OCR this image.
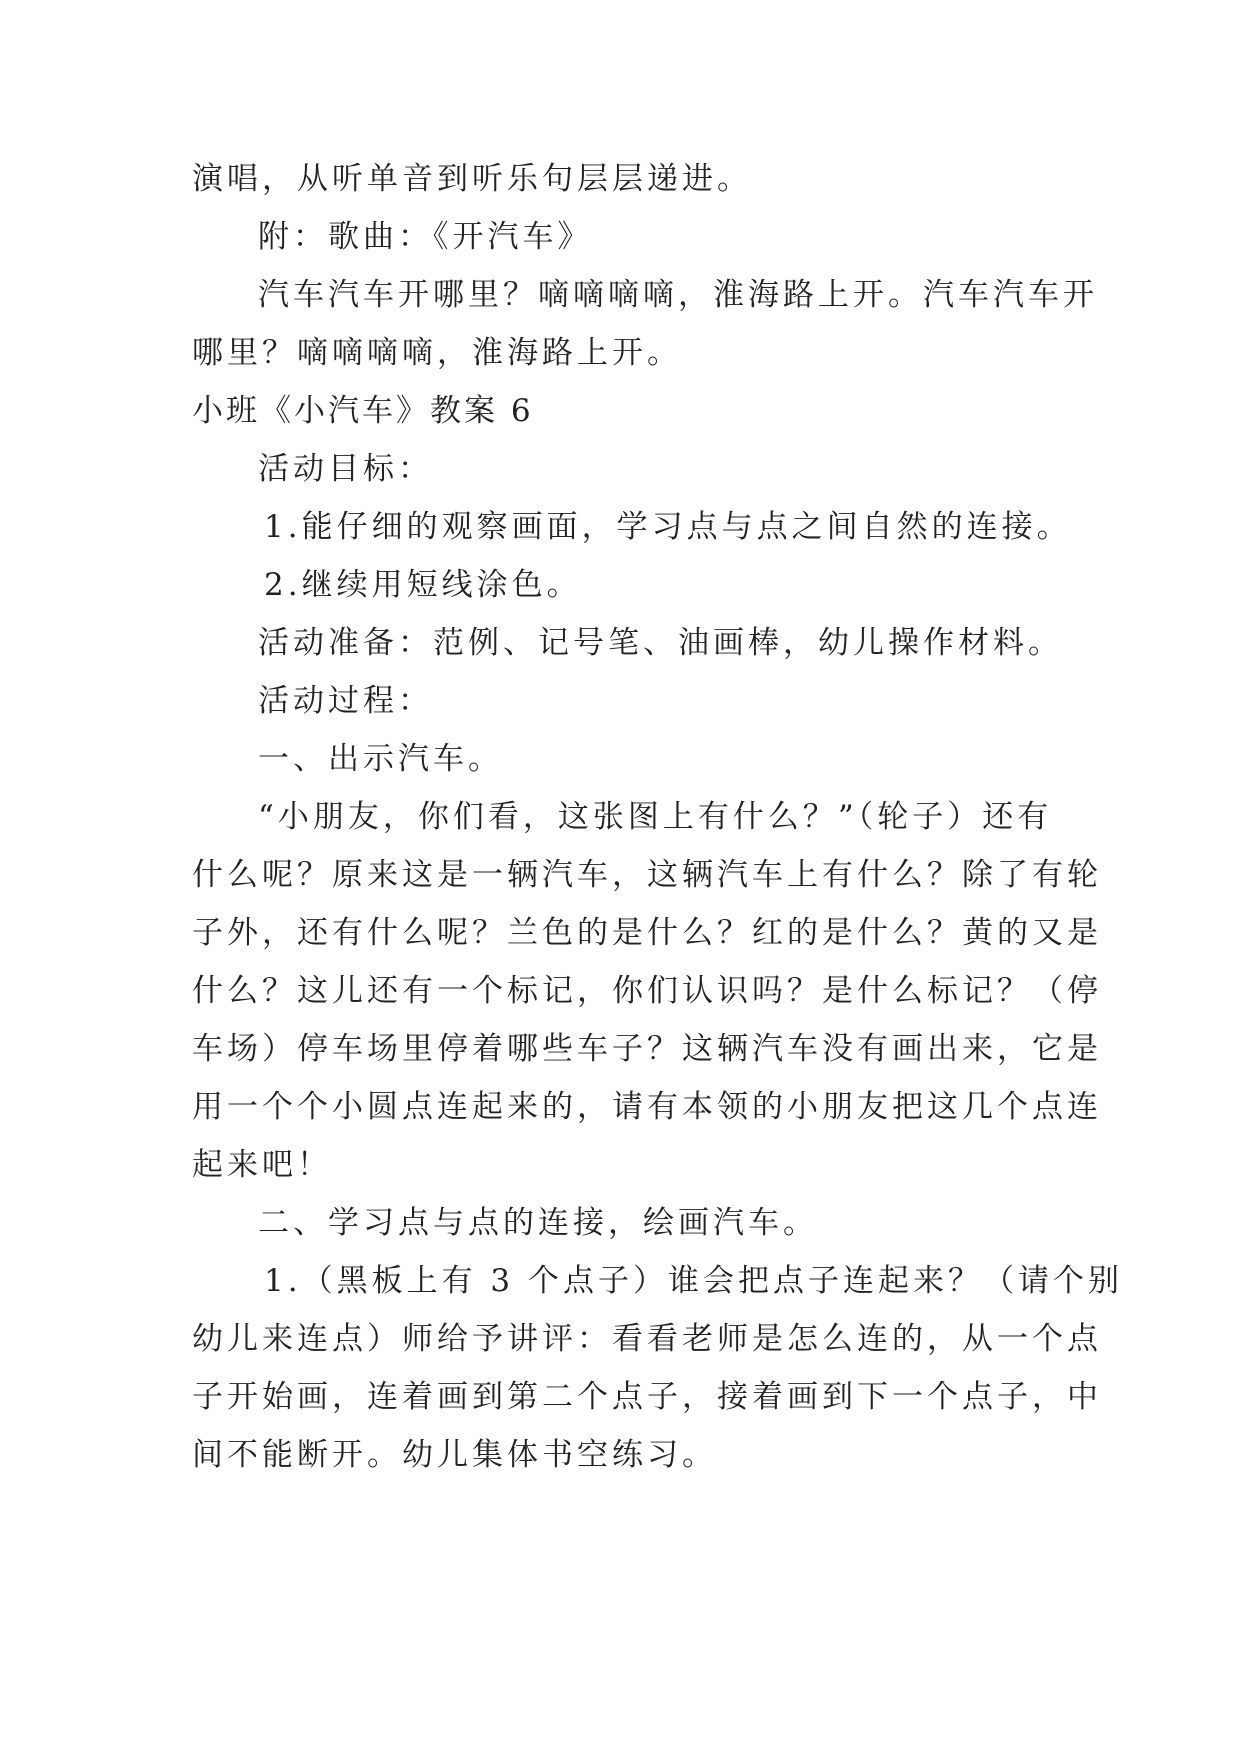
演唱，从听单音到听乐句层层递进。

附：歌曲：《开汽车》

汽车汽车开哪里？嘀嘀嘀嘀，淮海路上开。汽车汽车开

哪里？嘀嘀嘀嘀，淮海路上开。

小班《小汽车》教案 6

活动目标：

1.能仔细的观察画面，学习点与点之间自然的连接。

2.继续用短线涂色。

活动准备：范例、记号笔、油画棒，幼儿操作材料。

活动过程：

一、出示汽车。

“小朋友，你们看，这张图上有什么？”（轮子）还有

什么呢？原来这是一辆汽车，这辆汽车上有什么？除了有轮

子外，还有什么呢？兰色的是什么？红的是什么？黄的又是

什么？这儿还有一个标记，你们认识吗？是什么标记？（停

车场）停车场里停着哪些车子？这辆汽车没有画出来，它是

用一个个小圆点连起来的，请有本领的小朋友把这几个点连

起来吧！

二、学习点与点的连接，绘画汽车。

1.（黑板上有 3 个点子）谁会把点子连起来？（请个别

幼儿来连点）师给予讲评：看看老师是怎么连的，从一个点

子开始画，连着画到第二个点子，接着画到下一个点子，中

间不能断开。幼儿集体书空练习。
